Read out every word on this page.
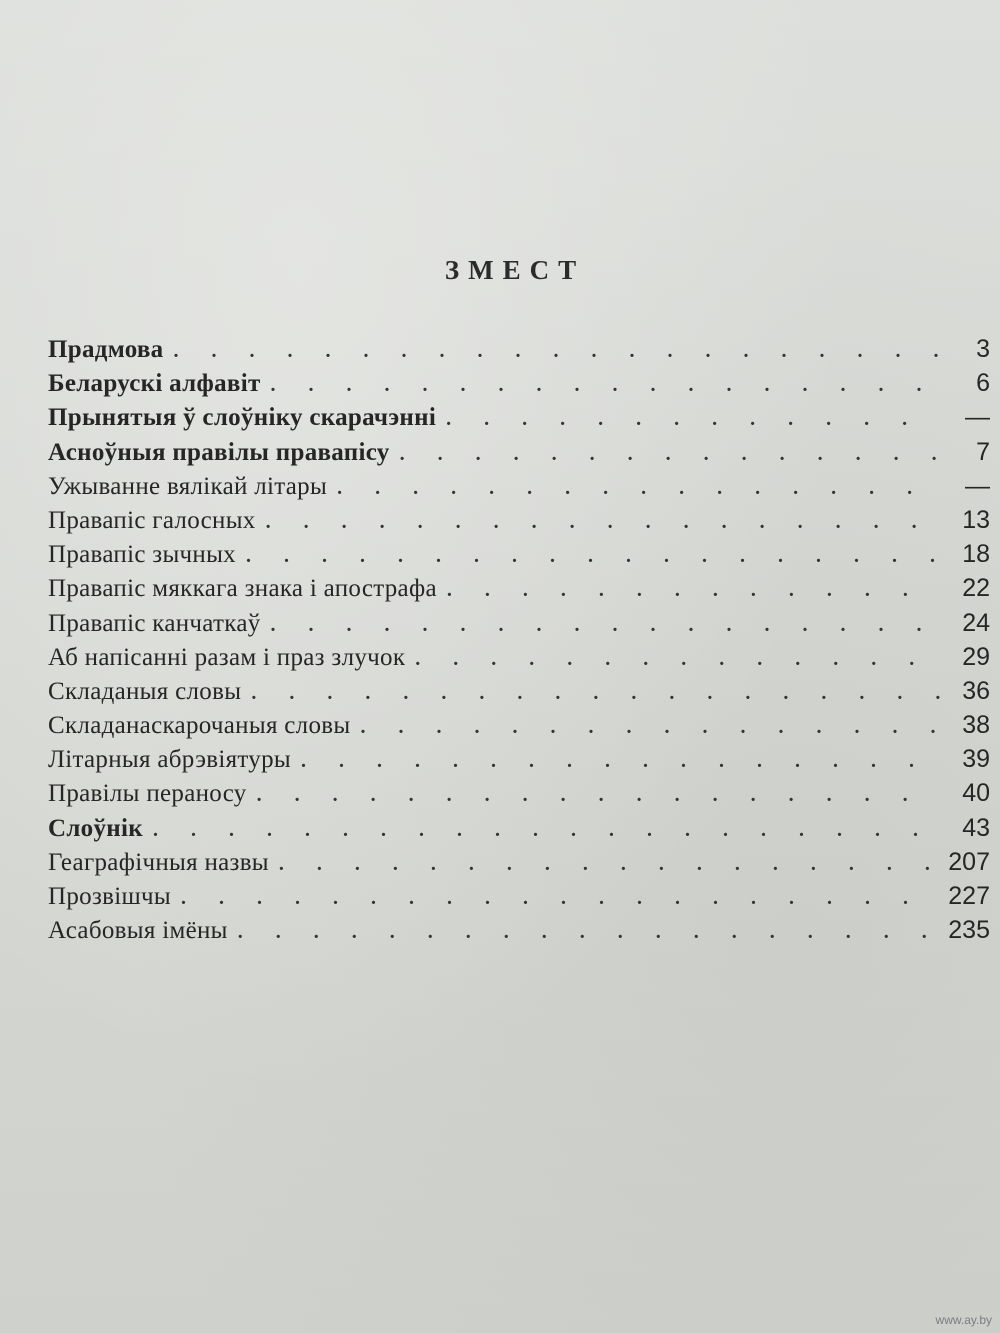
ЗМЕСТ
Прадмова . . .	3
Беларускі алфавіт . . .	6
Прынятыя ў слоўніку скарачэнні . . .	—
Асноўныя правілы правапісу . . .	7
Ужыванне вялікай літары . . .	—
Правапіс галосных . . .	13
Правапіс зычных . . .	18
Правапіс мяккага знака і апострафа . . .	22
Правапіс канчаткаў . . .	24
Аб напісанні разам і праз злучок . . .	29
Складаныя словы . . .	36
Складанаскарочаныя словы . . .	38
Літарныя абрэвіятуры . . .	39
Правілы пераносу . . .	40
Слоўнік . . .	43
Геаграфічныя назвы . . .	207
Прозвішчы . . .	227
Асабовыя імёны . . .	235
www.ay.by
